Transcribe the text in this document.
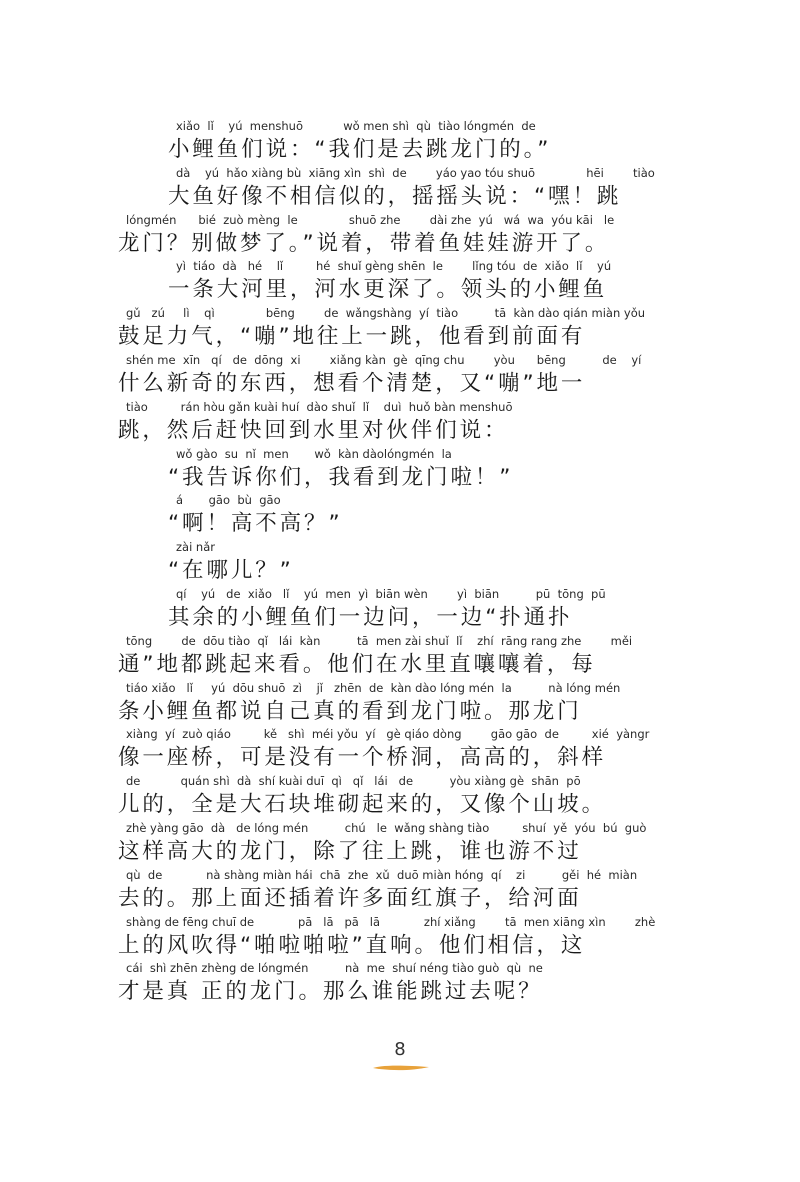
xiǎo  lǐ    yú  menshuō           wǒ men shì  qù  tiào lóngmén  de
小鲤鱼们说：“我们是去跳龙门的。”
dà    yú  hǎo xiàng bù  xiāng xìn  shì  de        yáo yao tóu shuō              hēi        tiào
大鱼好像不相信似的，摇摇头说：“嘿！跳
lóngmén      bié  zuò mèng  le              shuō zhe        dài zhe  yú   wá  wa  yóu kāi   le
龙门？别做梦了。”说着，带着鱼娃娃游开了。
yì  tiáo  dà   hé    lǐ         hé  shuǐ gèng shēn  le        lǐng tóu  de  xiǎo  lǐ    yú
一条大河里，河水更深了。领头的小鲤鱼
gǔ   zú     lì    qì              bēng        de  wǎngshàng  yí  tiào          tā  kàn dào qián miàn yǒu
鼓足力气，“嘣”地往上一跳，他看到前面有
shén me  xīn   qí   de  dōng  xi        xiǎng kàn  gè  qīng chu        yòu      bēng          de    yí
什么新奇的东西，想看个清楚，又“嘣”地一
tiào         rán hòu gǎn kuài huí  dào shuǐ  lǐ    duì  huǒ bàn menshuō
跳，然后赶快回到水里对伙伴们说：
wǒ gào  su  nǐ  men       wǒ  kàn dàolóngmén  la
“我告诉你们，我看到龙门啦！”
á       gāo  bù  gāo
“啊！高不高？”
zài nǎr
“在哪儿？”
qí    yú   de  xiǎo   lǐ    yú  men  yì  biān wèn        yì  biān          pū  tōng  pū
其余的小鲤鱼们一边问，一边“扑通扑
tōng        de  dōu tiào  qǐ   lái  kàn          tā  men zài shuǐ  lǐ    zhí  rāng rang zhe        měi
通”地都跳起来看。他们在水里直嚷嚷着，每
tiáo xiǎo   lǐ     yú  dōu shuō  zì    jǐ   zhēn  de  kàn dào lóng mén  la          nà lóng mén
条小鲤鱼都说自己真的看到龙门啦。那龙门
xiàng  yí  zuò qiáo         kě   shì  méi yǒu  yí   gè qiáo dòng        gāo gāo  de         xié  yàngr
像一座桥，可是没有一个桥洞，高高的，斜样
de           quán shì  dà  shí kuài duī  qì   qǐ   lái   de          yòu xiàng gè  shān  pō
儿的，全是大石块堆砌起来的，又像个山坡。
zhè yàng gāo  dà   de lóng mén          chú   le  wǎng shàng tiào         shuí  yě  yóu  bú  guò
这样高大的龙门，除了往上跳，谁也游不过
qù  de            nà shàng miàn hái  chā  zhe  xǔ  duō miàn hóng  qí    zi          gěi  hé  miàn
去的。那上面还插着许多面红旗子，给河面
shàng de fēng chuī de            pā   lā   pā   lā            zhí xiǎng        tā  men xiāng xìn        zhè
上的风吹得“啪啦啪啦”直响。他们相信，这
cái  shì zhēn zhèng de lóngmén          nà  me  shuí néng tiào guò  qù  ne
才是真 正的龙门。那么谁能跳过去呢？
8
